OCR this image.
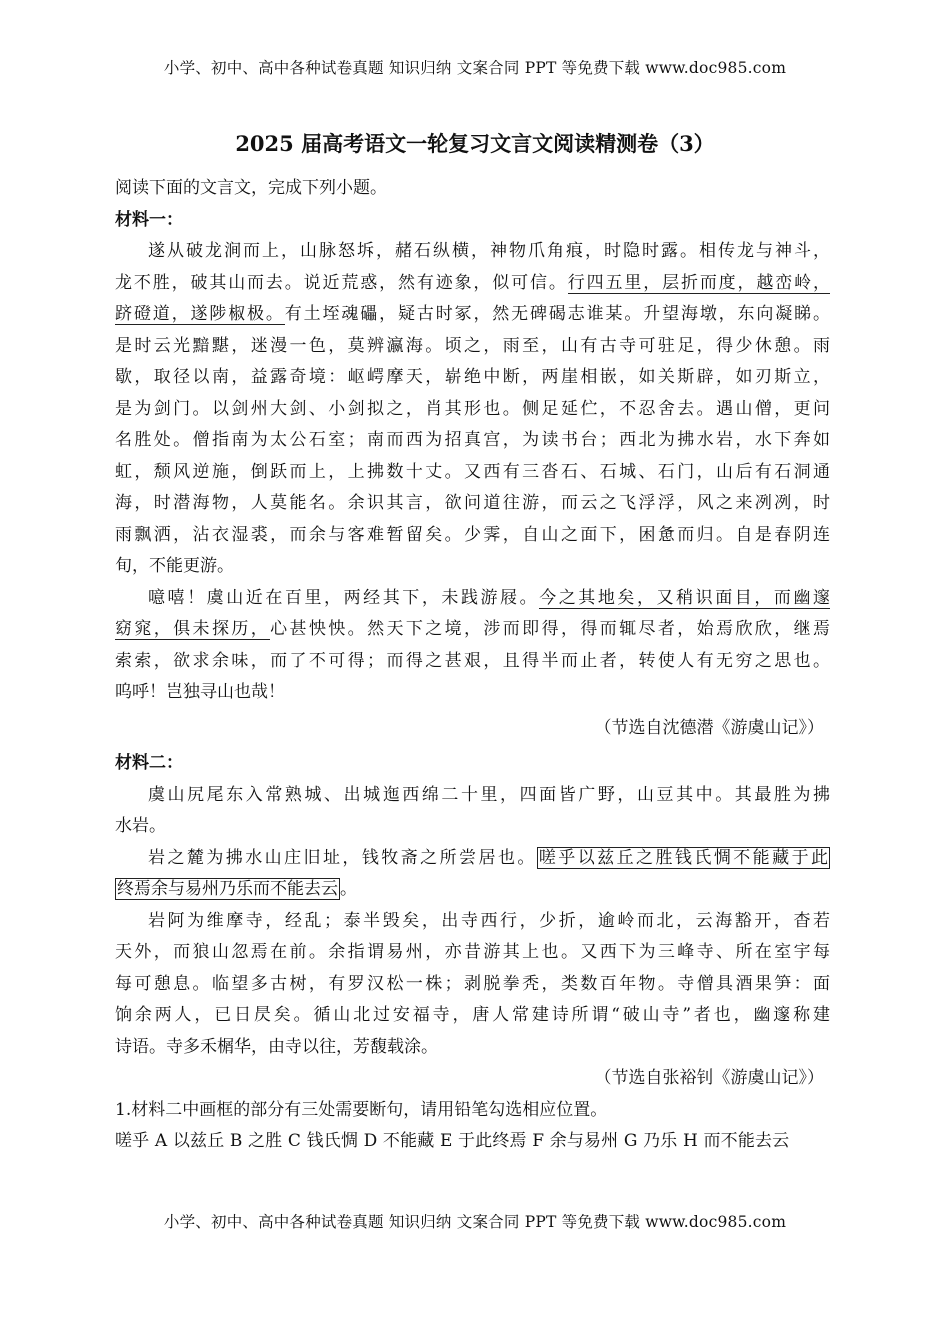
小学、初中、高中各种试卷真题 知识归纳 文案合同 PPT 等免费下载 www.doc985.com
2025 届高考语文一轮复习文言文阅读精测卷（3）
阅读下面的文言文，完成下列小题。
材料一：
遂从破龙涧而上，山脉怒坼，赭石纵横，神物爪角痕，时隐时露。相传龙与神斗，
龙不胜，破其山而去。说近荒惑，然有迹象，似可信。行四五里，层折而度，越峦岭，
跻磴道，遂陟椒极。有土垤魂礧，疑古时冢，然无碑碣志谁某。升望海墩，东向凝睇。
是时云光黯黮，迷漫一色，莫辨瀛海。顷之，雨至，山有古寺可驻足，得少休憩。雨
歇，取径以南，益露奇境：岖崿摩天，崭绝中断，两崖相嵌，如关斯辟，如刃斯立，
是为剑门。以剑州大剑、小剑拟之，肖其形也。侧足延伫，不忍舍去。遇山僧，更问
名胜处。僧指南为太公石室；南而西为招真宫，为读书台；西北为拂水岩，水下奔如
虹，颓风逆施，倒跃而上，上拂数十丈。又西有三沓石、石城、石门，山后有石洞通
海，时潜海物，人莫能名。余识其言，欲问道往游，而云之飞浮浮，风之来冽冽，时
雨飘洒，沾衣湿裘，而余与客难暂留矣。少霁，自山之面下，困惫而归。自是春阴连
旬，不能更游。
噫嘻！虞山近在百里，两经其下，未践游屐。今之其地矣，又稍识面目，而幽邃
窈窕，俱未探历，心甚怏怏。然天下之境，涉而即得，得而辄尽者，始焉欣欣，继焉
索索，欲求余味，而了不可得；而得之甚艰，且得半而止者，转使人有无穷之思也。
呜呼！岂独寻山也哉！
（节选自沈德潜《游虞山记》）
材料二：
虞山尻尾东入常熟城、出城迤西绵二十里，四面皆广野，山豆其中。其最胜为拂
水岩。
岩之麓为拂水山庄旧址，钱牧斋之所尝居也。 嗟乎以兹丘之胜钱氏惆不能藏于此
终焉余与易州乃乐而不能去云 。
岩阿为维摩寺，经乱；泰半毁矣，出寺西行，少折，逾岭而北，云海豁开，杳若
天外，而狼山忽焉在前。余指谓易州，亦昔游其上也。又西下为三峰寺、所在室宇每
每可憩息。临望多古树，有罗汉松一株；剥脱拳秃，类数百年物。寺僧具酒果笋：面
饷余两人，已日昃矣。循山北过安福寺，唐人常建诗所谓“破山寺”者也，幽邃称建
诗语。寺多禾榍华，由寺以往，芳馥载涂。
（节选自张裕钊《游虞山记》）
1.材料二中画框的部分有三处需要断句，请用铅笔勾选相应位置。
嗟乎 A 以兹丘 B 之胜 C 钱氏惆 D 不能藏 E 于此终焉 F 余与易州 G 乃乐 H 而不能去云
小学、初中、高中各种试卷真题 知识归纳 文案合同 PPT 等免费下载 www.doc985.com
